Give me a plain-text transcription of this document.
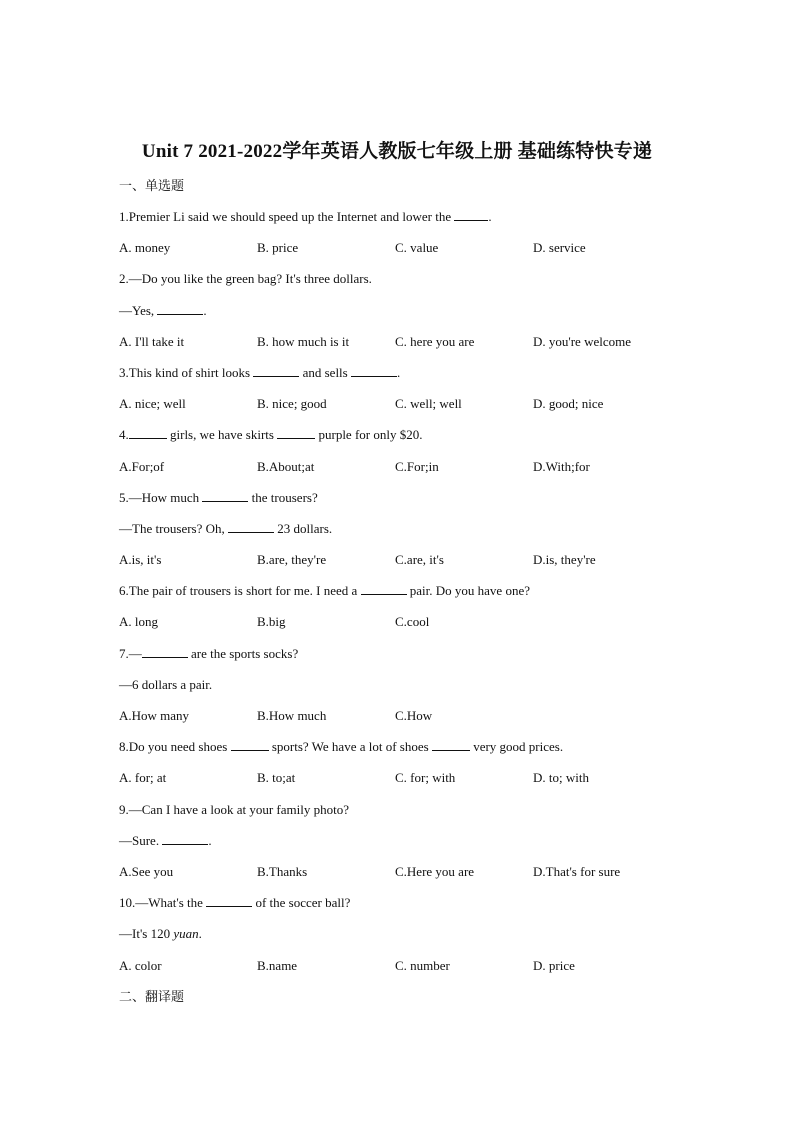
Unit 7 2021-2022学年英语人教版七年级上册 基础练特快专递
一、单选题
1.Premier Li said we should speed up the Internet and lower the	.
A. money	B. price	C. value	D. service
2.—Do you like the green bag? It's three dollars.
—Yes,	.
A. I'll take it	B. how much is it	C. here you are	D. you're welcome
3.This kind of shirt looks	and sells	.
A. nice; well	B. nice; good	C. well; well	D. good; nice
4.	girls, we have skirts	purple for only $20.
A.For;of	B.About;at	C.For;in	D.With;for
5.—How much	the trousers?
—The trousers? Oh,	23 dollars.
A.is, it's	B.are, they're	C.are, it's	D.is, they're
6.The pair of trousers is short for me. I need a	pair. Do you have one?
A. long	B.big	C.cool
7.—	are the sports socks?
—6 dollars a pair.
A.How many	B.How much	C.How
8.Do you need shoes	sports? We have a lot of shoes	very good prices.
A. for; at	B. to;at	C. for; with	D. to; with
9.—Can I have a look at your family photo?
—Sure.	.
A.See you	B.Thanks	C.Here you are	D.That's for sure
10.—What's the	of the soccer ball?
—It's 120 yuan.
A. color	B.name	C. number	D. price
二、翻译题
